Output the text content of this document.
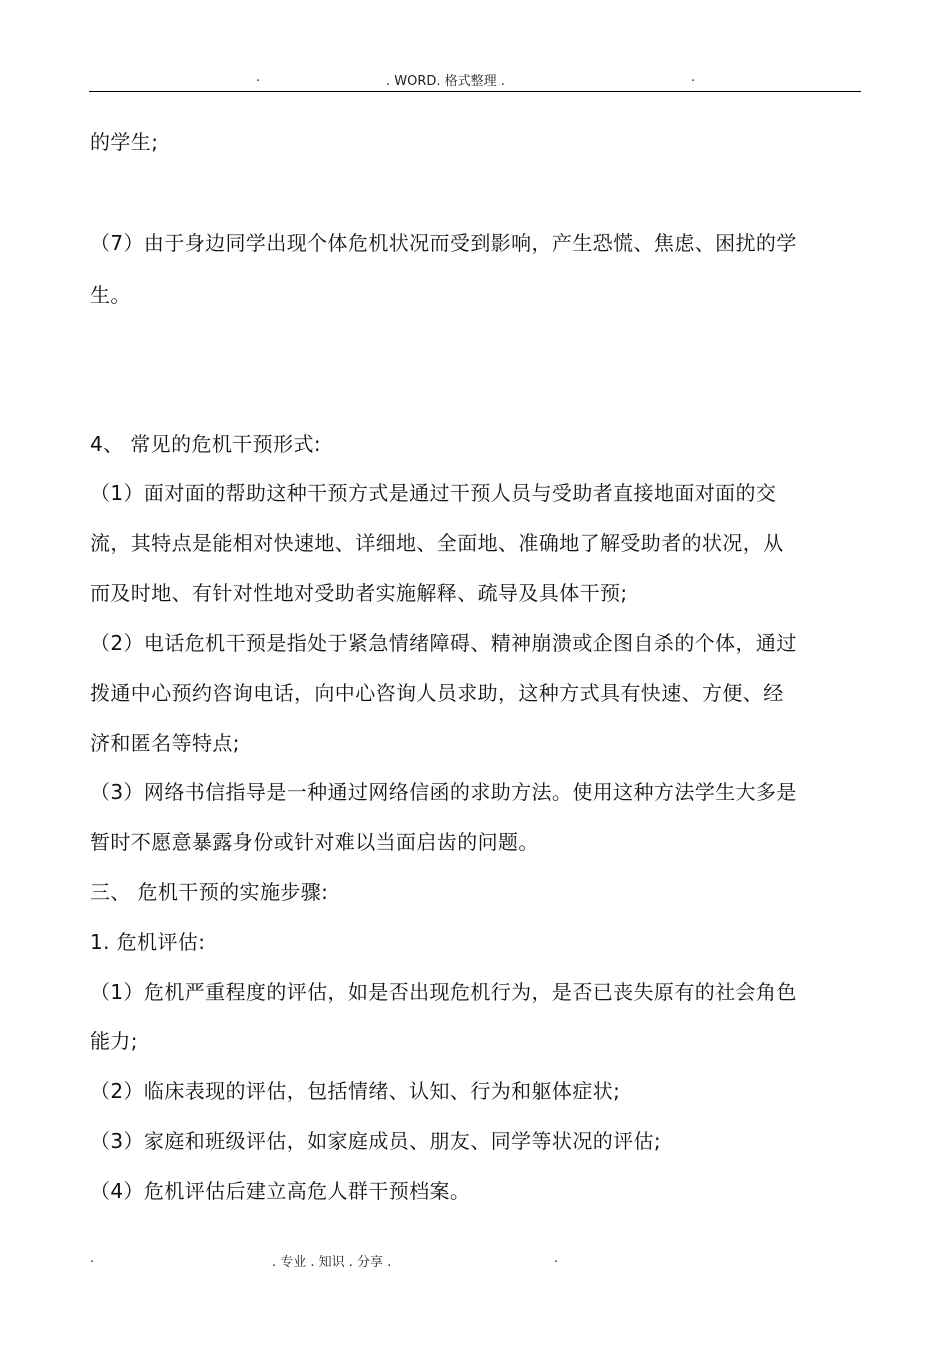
.	. WORD. 格式整理 .	.
的学生;
（7）由于身边同学出现个体危机状况而受到影响，产生恐慌、焦虑、困扰的学
生。
4、 常见的危机干预形式:
（1）面对面的帮助这种干预方式是通过干预人员与受助者直接地面对面的交
流，其特点是能相对快速地、详细地、全面地、准确地了解受助者的状况，从
而及时地、有针对性地对受助者实施解释、疏导及具体干预;
（2）电话危机干预是指处于紧急情绪障碍、精神崩溃或企图自杀的个体，通过
拨通中心预约咨询电话，向中心咨询人员求助，这种方式具有快速、方便、经
济和匿名等特点;
（3）网络书信指导是一种通过网络信函的求助方法。使用这种方法学生大多是
暂时不愿意暴露身份或针对难以当面启齿的问题。
三、 危机干预的实施步骤:
1. 危机评估:
（1）危机严重程度的评估，如是否出现危机行为，是否已丧失原有的社会角色
能力;
（2）临床表现的评估，包括情绪、认知、行为和躯体症状;
（3）家庭和班级评估，如家庭成员、朋友、同学等状况的评估;
（4）危机评估后建立高危人群干预档案。
.	. 专业 . 知识 . 分享 .	.
